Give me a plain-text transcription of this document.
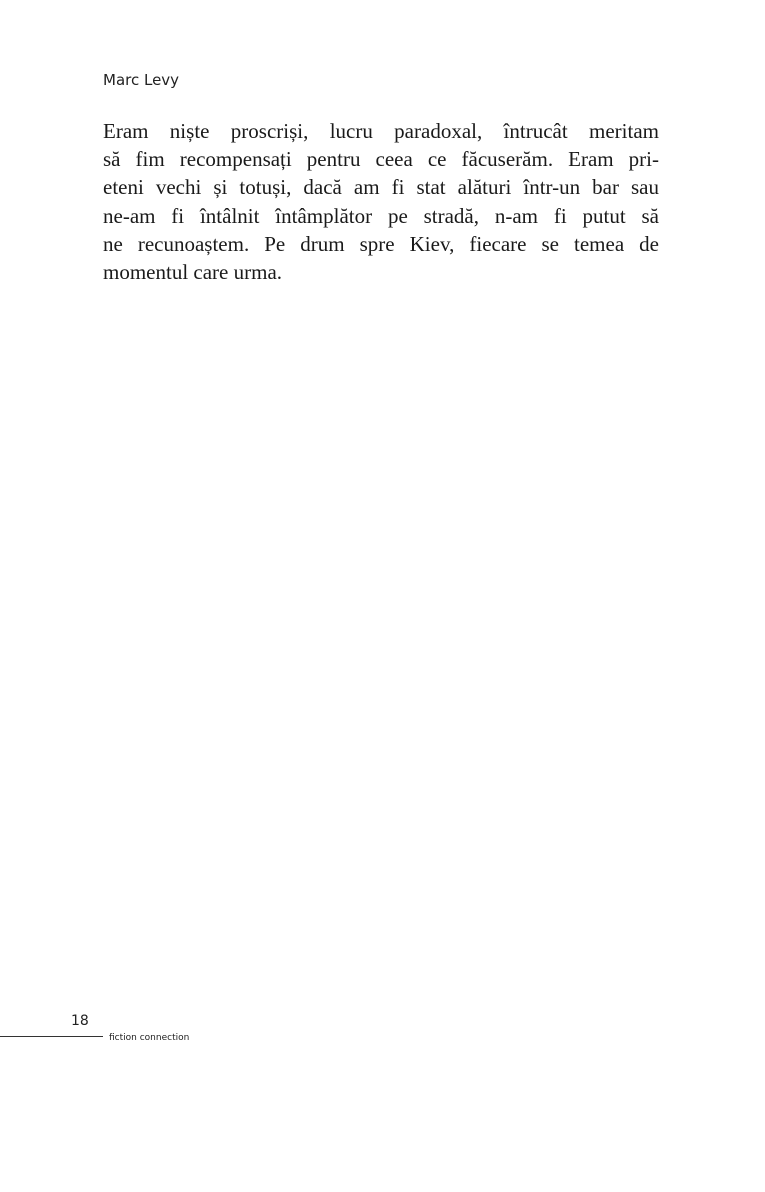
Marc Levy
Eram niște proscriși, lucru paradoxal, întrucât meritam
să fim recompensați pentru ceea ce făcuserăm. Eram pri-
eteni vechi și totuși, dacă am fi stat alături într-un bar sau
ne-am fi întâlnit întâmplător pe stradă, n-am fi putut să
ne recunoaștem. Pe drum spre Kiev, fiecare se temea de
momentul care urma.
18
fiction connection
